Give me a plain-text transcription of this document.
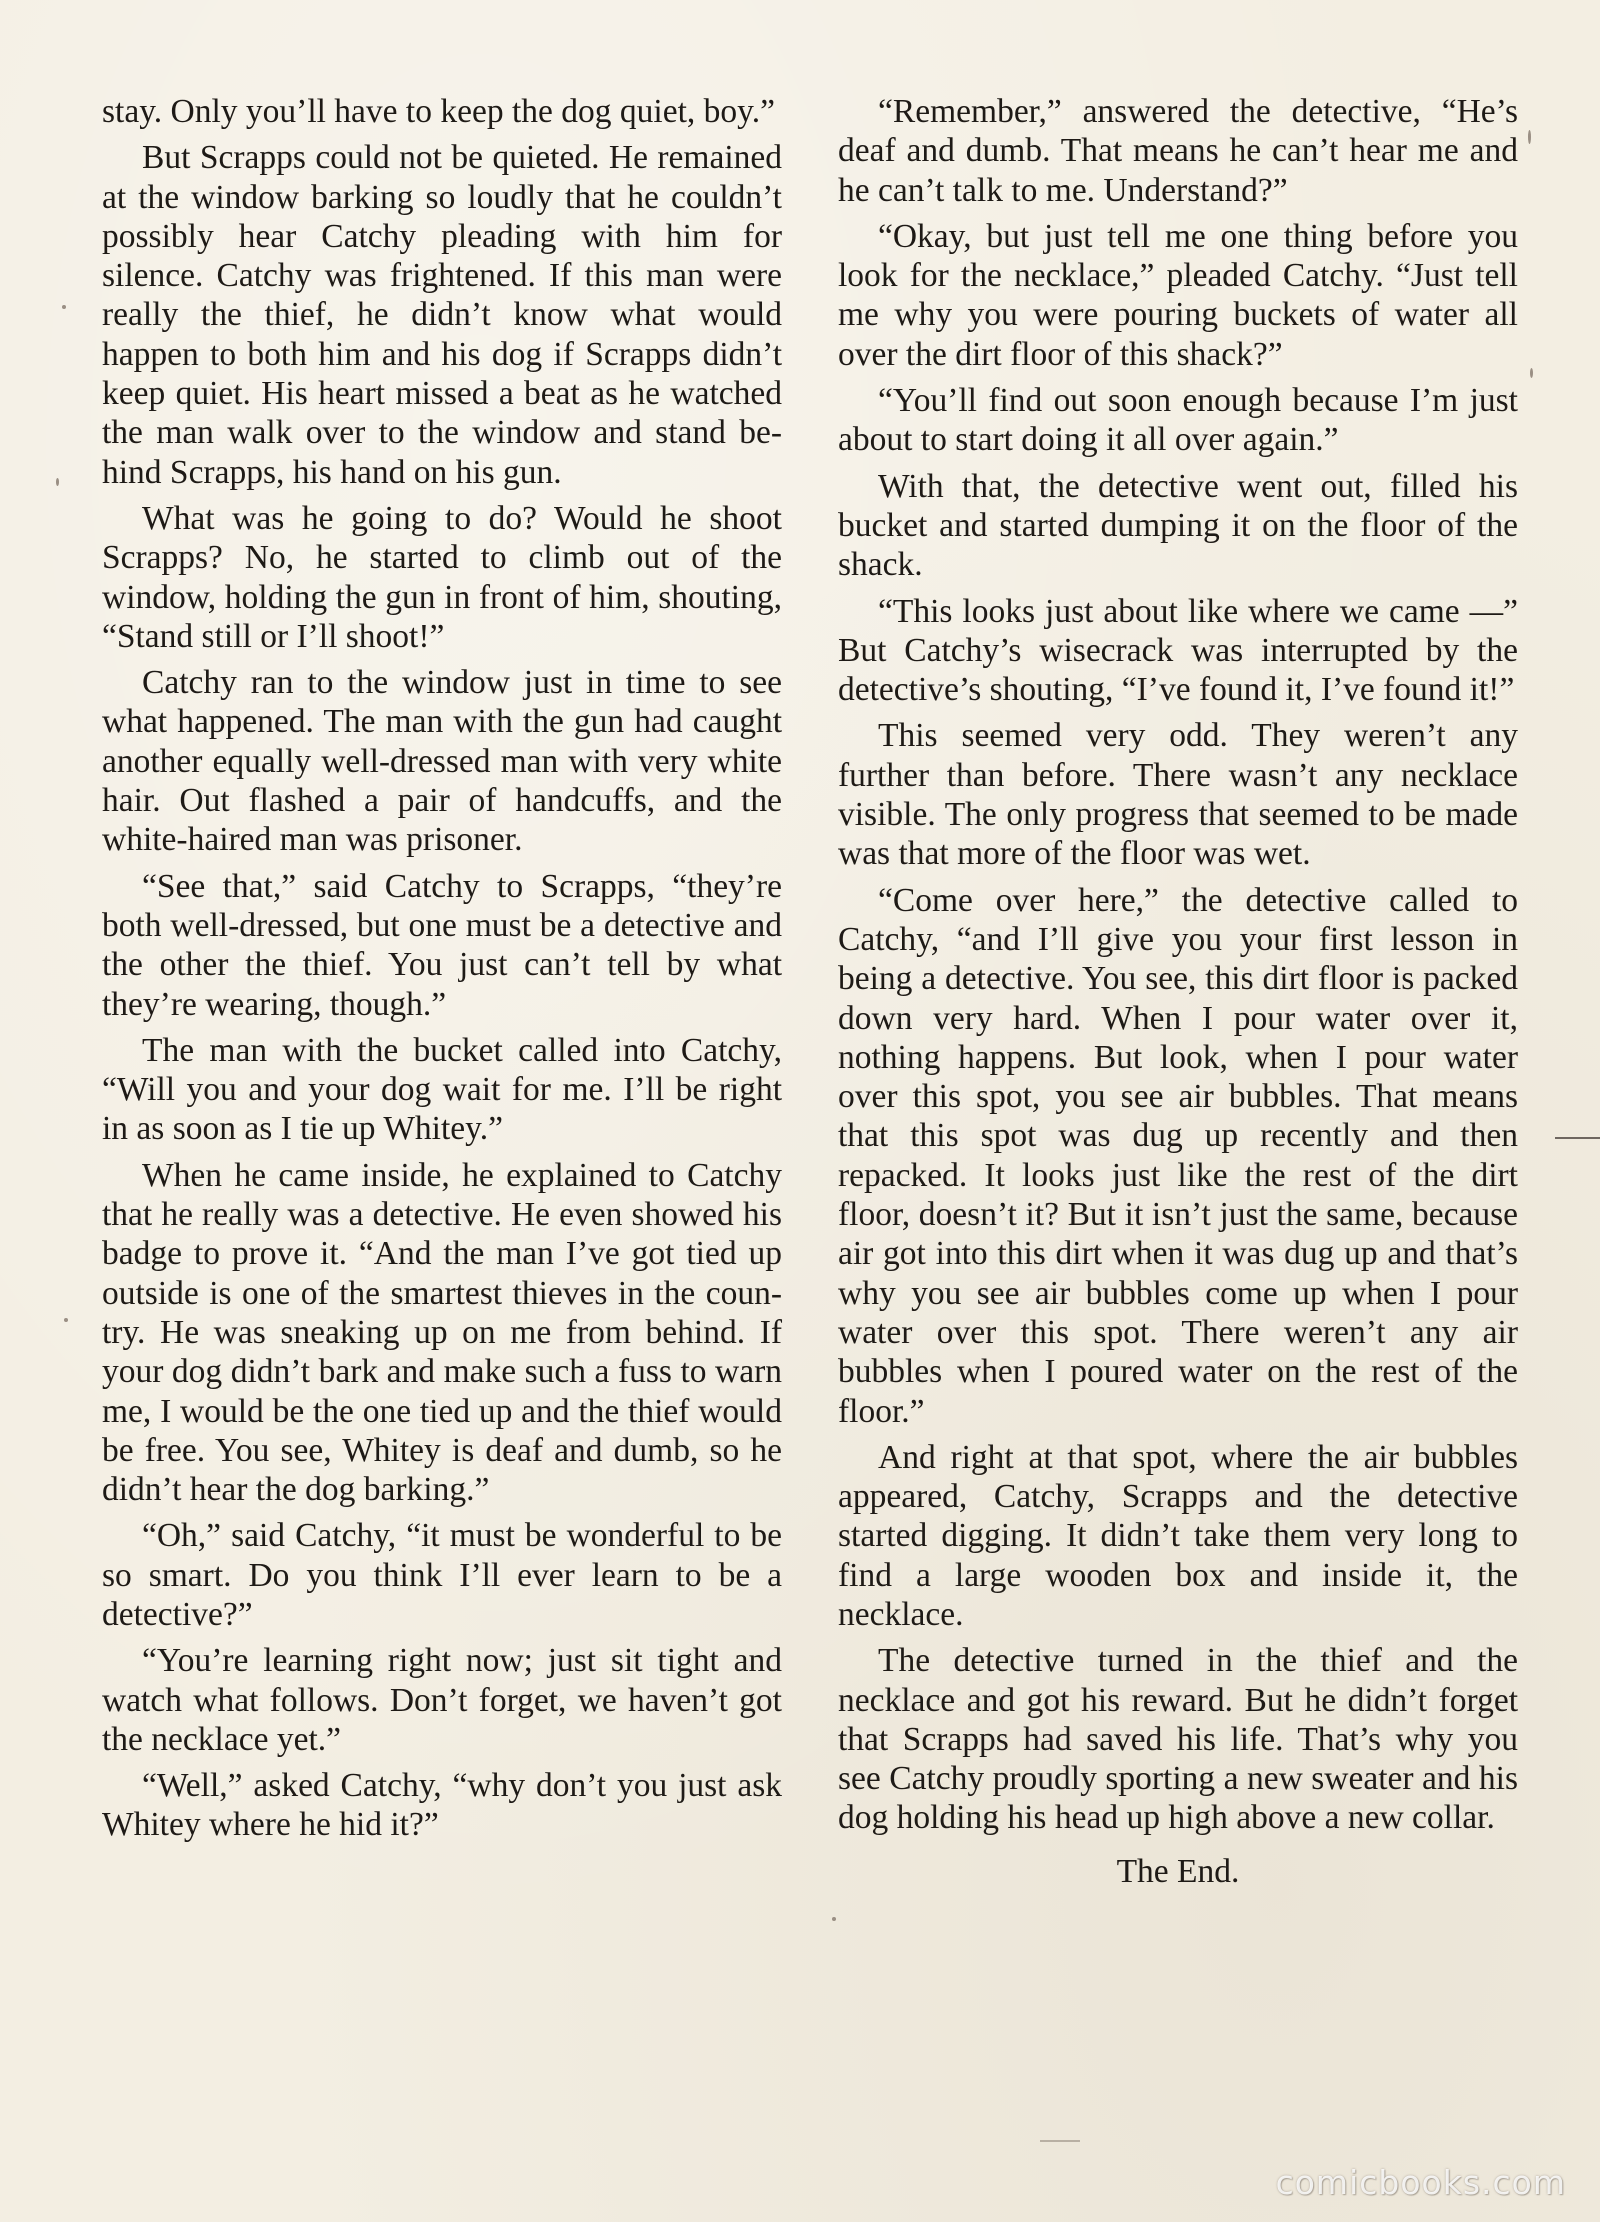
stay. Only you’ll have to keep the dog quiet, boy.”

But Scrapps could not be quieted. He remained at the window barking so loudly that he couldn’t possibly hear Catchy pleading with him for silence. Catchy was frightened. If this man were really the thief, he didn’t know what would happen to both him and his dog if Scrapps didn’t keep quiet. His heart missed a beat as he watched the man walk over to the window and stand behind Scrapps, his hand on his gun.

What was he going to do? Would he shoot Scrapps? No, he started to climb out of the window, holding the gun in front of him, shouting, “Stand still or I’ll shoot!”

Catchy ran to the window just in time to see what happened. The man with the gun had caught another equally well-dressed man with very white hair. Out flashed a pair of handcuffs, and the white-haired man was prisoner.

“See that,” said Catchy to Scrapps, “they’re both well-dressed, but one must be a detective and the other the thief. You just can’t tell by what they’re wearing, though.”

The man with the bucket called into Catchy, “Will you and your dog wait for me. I’ll be right in as soon as I tie up Whitey.”

When he came inside, he explained to Catchy that he really was a detective. He even showed his badge to prove it. “And the man I’ve got tied up outside is one of the smartest thieves in the country. He was sneaking up on me from behind. If your dog didn’t bark and make such a fuss to warn me, I would be the one tied up and the thief would be free. You see, Whitey is deaf and dumb, so he didn’t hear the dog barking.”

“Oh,” said Catchy, “it must be wonderful to be so smart. Do you think I’ll ever learn to be a detective?”

“You’re learning right now; just sit tight and watch what follows. Don’t forget, we haven’t got the necklace yet.”

“Well,” asked Catchy, “why don’t you just ask Whitey where he hid it?”

“Remember,” answered the detective, “He’s deaf and dumb. That means he can’t hear me and he can’t talk to me. Understand?”

“Okay, but just tell me one thing before you look for the necklace,” pleaded Catchy. “Just tell me why you were pouring buckets of water all over the dirt floor of this shack?”

“You’ll find out soon enough because I’m just about to start doing it all over again.”

With that, the detective went out, filled his bucket and started dumping it on the floor of the shack.

“This looks just about like where we came —” But Catchy’s wisecrack was interrupted by the detective’s shouting, “I’ve found it, I’ve found it!”

This seemed very odd. They weren’t any further than before. There wasn’t any necklace visible. The only progress that seemed to be made was that more of the floor was wet.

“Come over here,” the detective called to Catchy, “and I’ll give you your first lesson in being a detective. You see, this dirt floor is packed down very hard. When I pour water over it, nothing happens. But look, when I pour water over this spot, you see air bubbles. That means that this spot was dug up recently and then repacked. It looks just like the rest of the dirt floor, doesn’t it? But it isn’t just the same, because air got into this dirt when it was dug up and that’s why you see air bubbles come up when I pour water over this spot. There weren’t any air bubbles when I poured water on the rest of the floor.”

And right at that spot, where the air bubbles appeared, Catchy, Scrapps and the detective started digging. It didn’t take them very long to find a large wooden box and inside it, the necklace.

The detective turned in the thief and the necklace and got his reward. But he didn’t forget that Scrapps had saved his life. That’s why you see Catchy proudly sporting a new sweater and his dog holding his head up high above a new collar.

The End.

comicbooks.com
